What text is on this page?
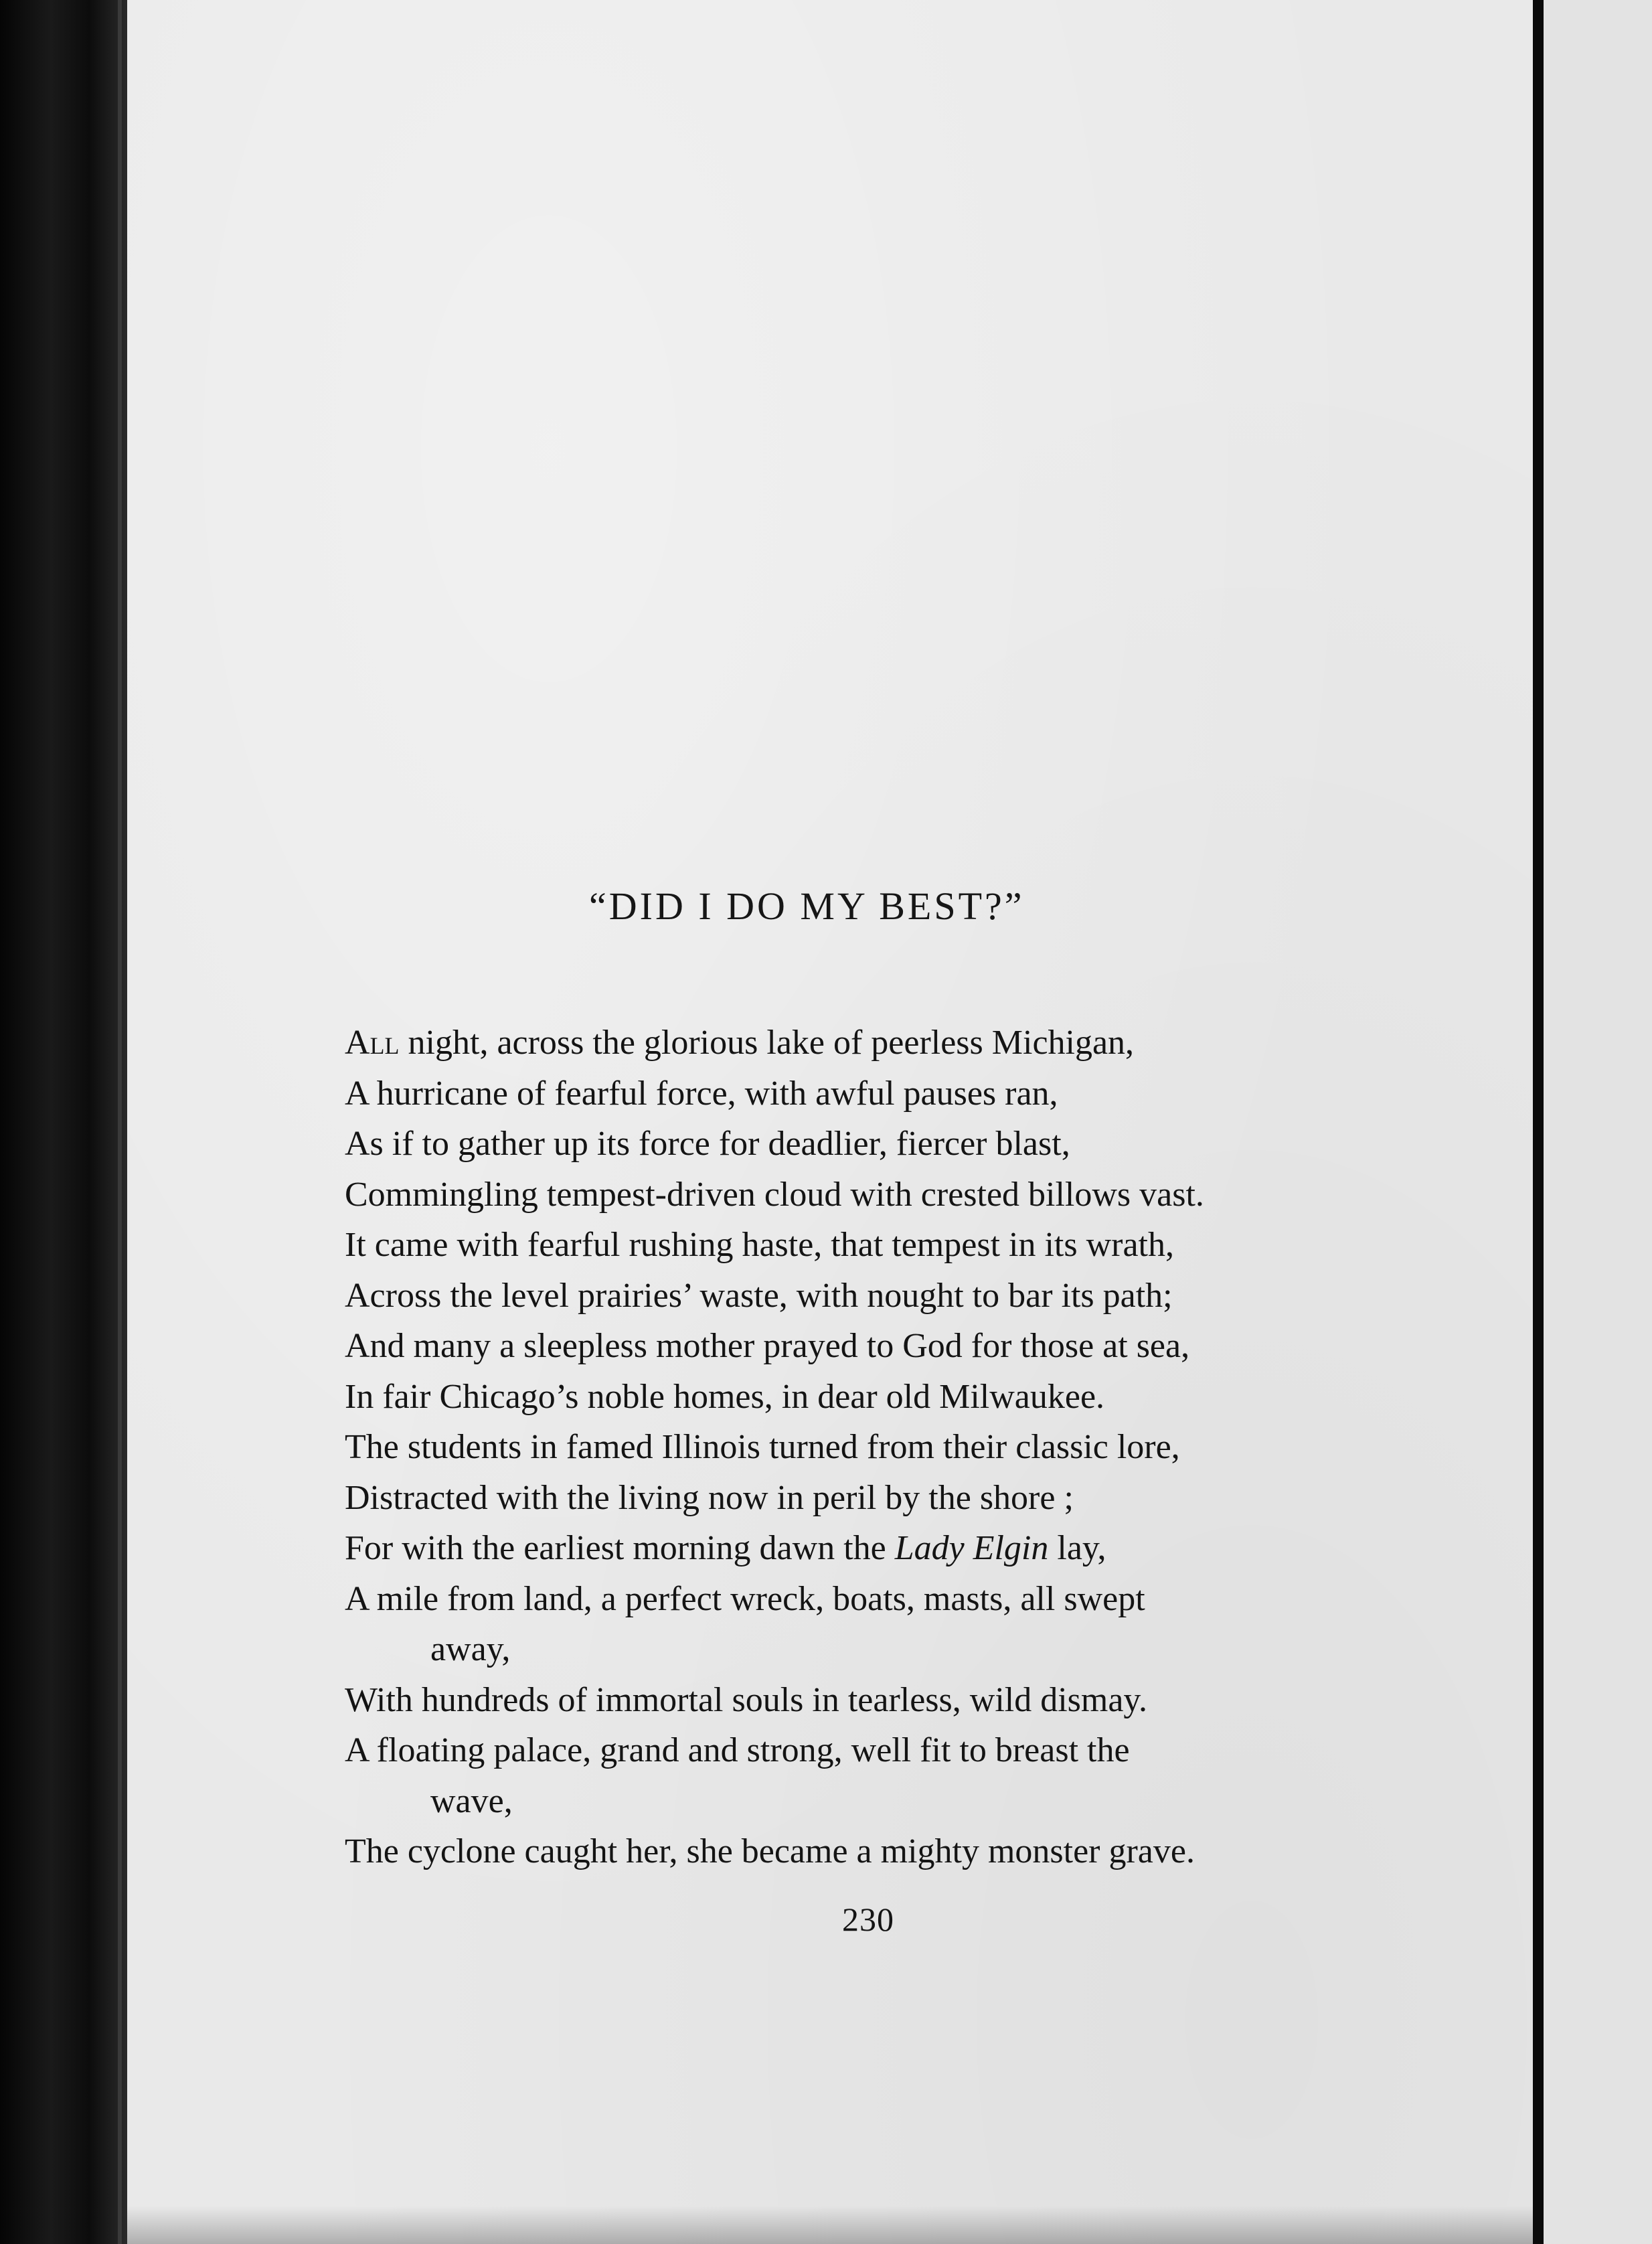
“DID I DO MY BEST?”
All night, across the glorious lake of peerless Michigan,
A hurricane of fearful force, with awful pauses ran,
As if to gather up its force for deadlier, fiercer blast,
Commingling tempest-driven cloud with crested billows vast.
It came with fearful rushing haste, that tempest in its wrath,
Across the level prairies’ waste, with nought to bar its path;
And many a sleepless mother prayed to God for those at sea,
In fair Chicago’s noble homes, in dear old Milwaukee.
The students in famed Illinois turned from their classic lore,
Distracted with the living now in peril by the shore ;
For with the earliest morning dawn the Lady Elgin lay,
A mile from land, a perfect wreck, boats, masts, all swept
away,
With hundreds of immortal souls in tearless, wild dismay.
A floating palace, grand and strong, well fit to breast the
wave,
The cyclone caught her, she became a mighty monster grave.
230
